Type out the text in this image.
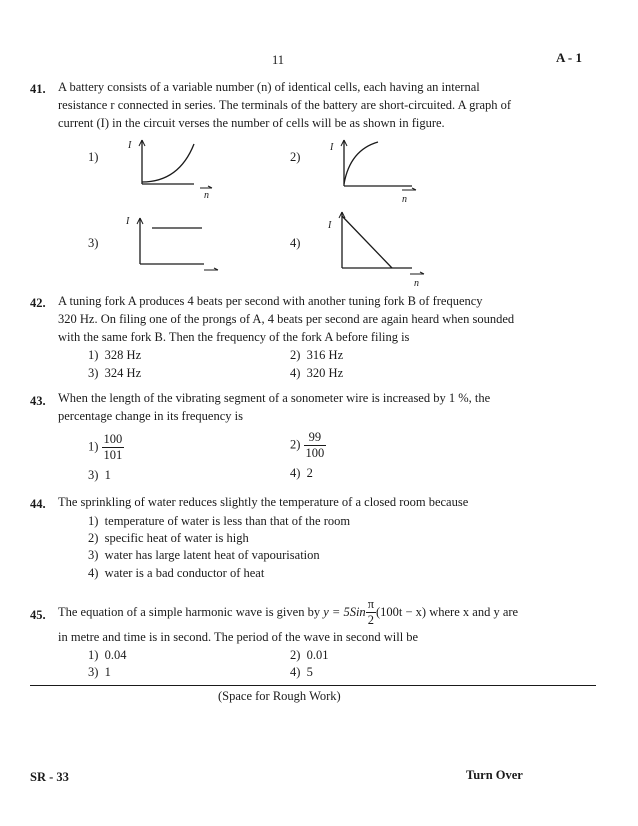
11	A - 1
41. A battery consists of a variable number (n) of identical cells, each having an internal
resistance r connected in series. The terminals of the battery are short-circuited. A graph of
current (I) in the circuit verses the number of cells will be as shown in figure.
1)	2)
3)	4)
I
n
I
n
I	I
n
42. A tuning fork A produces 4 beats per second with another tuning fork B of frequency
320 Hz. On filing one of the prongs of A, 4 beats per second are again heard when sounded
with the same fork B. Then the frequency of the fork A before filing is
1) 328 Hz	2) 316 Hz
3) 324 Hz	4) 320 Hz
43. When the length of the vibrating segment of a sonometer wire is increased by 1 %, the
percentage change in its frequency is
$1) \frac{100}{101}$	$2) \frac{99}{100}$
3) 1	4) 2
44. The sprinkling of water reduces slightly the temperature of a closed room because
1) temperature of water is less than that of the room
2) specific heat of water is high
3) water has large latent heat of vapourisation
4) water is a bad conductor of heat
45. The equation of a simple harmonic wave is given by $y = 5Sin \frac{\pi}{2} (100t - x)$ where x and y are
in metre and time is in second. The period of the wave in second will be
1) 0.04	2) 0.01
3) 1	4) 5
(Space for Rough Work)
SR - 33	Turn Over
